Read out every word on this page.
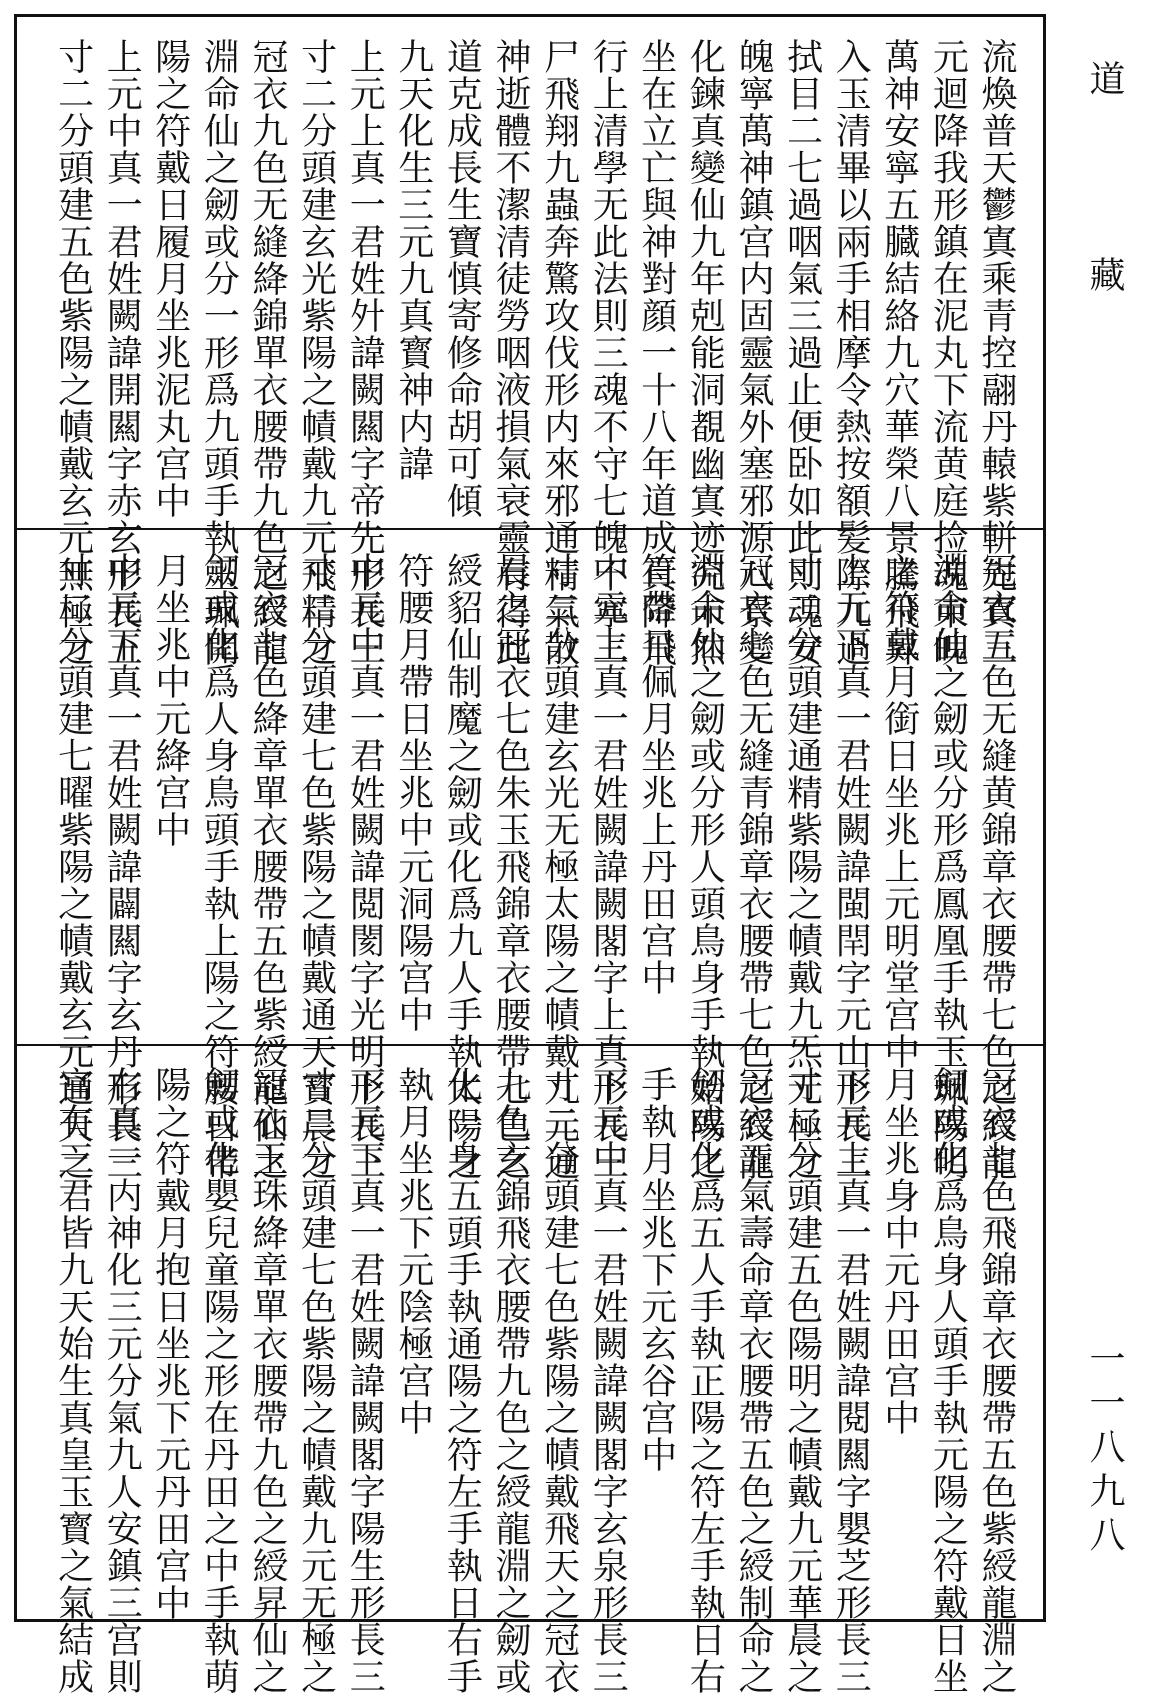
道藏
一一八九八
流煥普天鬱寘乘青控翮丹轅紫軿先寘三
元迴降我形鎮在泥丸下流黄庭捡魂束魄
萬神安寧五臓結絡九穴華榮八景騰飛昇
入玉清畢以兩手相摩令熱按額髪際九過
拭目二七過咽氣三過止便卧如此則魂安
魄寧萬神鎮宫内固靈氣外塞邪源八景變
化鍊真變仙九年剋能洞覩幽寘迹究未然
坐在立亡與神對顔一十八年道成真降飛
行上清學无此法則三魂不守七魄不寧三
尸飛翔九蟲奔驚攻伐形内來邪通精氣散
神逝體不潔清徒勞咽液損氣衰靈有得此
道克成長生寶慎寄修命胡可傾
九天化生三元九真寳神内諱
上元上真一君姓㚈諱闕闗字帝先形長三
寸二分頭建玄光紫陽之幘戴九元飛精之
冠衣九色无縫絳錦單衣腰帶九色之綬龍
淵命仙之劒或分一形爲九頭手執玉珮開
陽之符戴日履月坐兆泥丸宫中
上元中真一君姓闕諱開闗字赤玄形長五
寸二分頭建五色紫陽之幘戴玄元無極之
冠衣五色无縫黄錦章衣腰帶七色之綬龍
淵命仙之劒或分形爲鳳凰手執玉珮陽明
之符戴月銜日坐兆上元明堂宫中
上元下真一君姓闕諱閩閈字元山形長三
寸二分頭建通精紫陽之幘戴九炁无極之
冠衣七色无縫青錦章衣腰帶七色之綬龍
淵命仙之劒或分形人頭鳥身手執始陽之
符帶日佩月坐兆上丹田宫中
中元上真一君姓闕諱闕閣字上真形長三
寸二分頭建玄光无極太陽之幘戴九元通
晨之冠衣七色朱玉飛錦章衣腰帶七色之
綬貂仙制魔之劒或化爲九人手執太陽之
符腰月帶日坐兆中元洞陽宫中
中元中真一君姓闕諱閲閡字光明形長三
寸二分頭建七色紫陽之幘戴通天寳晨之
冠衣七色絳章單衣腰帶五色紫綬龍仙之
劒或化爲人身鳥頭手執上陽之符腰日帶
月坐兆中元絳宫中
中元下真一君姓闕諱闢闗字玄丹形長三
寸二分頭建七曜紫陽之幘戴玄元通天之
冠衣七色飛錦章衣腰帶五色紫綬龍淵之
劒或化爲鳥身人頭手執元陽之符戴日坐
月坐兆身中元丹田宫中
下元上真一君姓闕諱閱闗字嬰芝形長三
寸二分頭建五色陽明之幘戴九元華晨之
冠衣五氣壽命章衣腰帶五色之綬制命之
劒或化爲五人手執正陽之符左手執日右
手執月坐兆下元玄谷宫中
下元中真一君姓闕諱闕閣字玄泉形長三
寸二分頭建七色紫陽之幘戴飛天之冠衣
九色玄錦飛衣腰帶九色之綬龍淵之劒或
化一身五頭手執通陽之符左手執日右手
執月坐兆下元陰極宫中
下元下真一君姓闕諱闕閣字陽生形長三
寸二分頭建七色紫陽之幘戴九元无極之
冠衣玉珠絳章單衣腰帶九色之綬昇仙之
劒或化嬰兒童陽之形在丹田之中手執萌
陽之符戴月抱日坐兆下元丹田宫中
右真一内神化三元分氣九人安鎮三宫則
宫有三君皆九天始生真皇玉寳之氣結成
